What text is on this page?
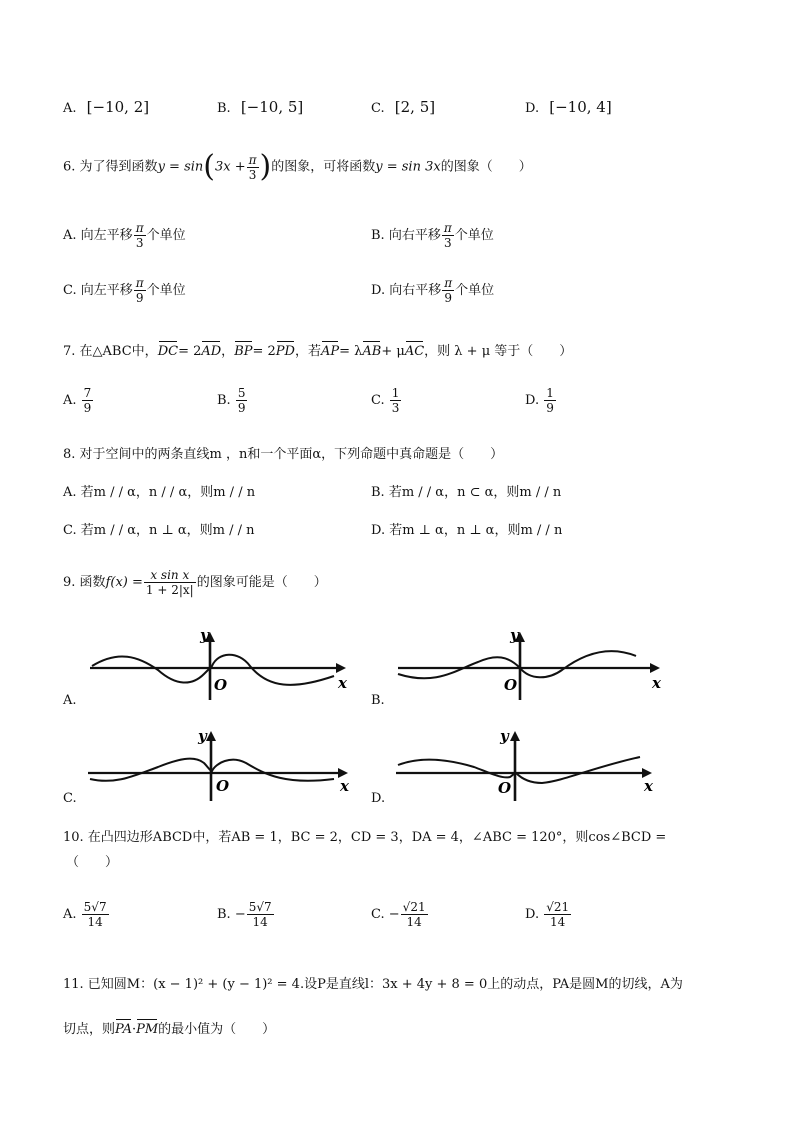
A. [−10, 2]	B. [−10, 5]	C. [2, 5]	D. [−10, 4]
6. 为了得到函数$y = \sin(3x + \frac{\pi}{3}$ )的图象，可将函数y = sin 3x的图象（　　）
A. 向左平移 $\frac{\pi}{3}$ 个单位	B. 向右平移 $\frac{\pi}{3}$ 个单位
C. 向左平移 $\frac{\pi}{9}$ 个单位	D. 向右平移 $\frac{\pi}{9}$ 个单位
7. 在△ABC中，DC= 2AD，BP= 2PD，若AP= λAB+ μAC，则 λ + μ 等于（　　）
A. $\frac{7}{9}$	B. $\frac{5}{9}$	C. $\frac{1}{3}$	D. $\frac{1}{9}$
8. 对于空间中的两条直线m ，n和一个平面α，下列命题中真命题是（　　）
A. 若m / / α，n / / α，则m / / n	B. 若m / / α，n ⊂ α，则m / / n
C. 若m / / α，n ⊥ α，则m / / n	D. 若m ⊥ α，n ⊥ α，则m / / n
9. 函数$f(x) = \frac{\text{x sin x}}{1 + 2|x|}$ 的图象可能是（　　）
A.
y
x
O
B.
y
x
O
C.
y
x
O
D.
y
x
O
10. 在凸四边形ABCD中，若AB = 1，BC = 2，CD = 3，DA = 4，∠ABC = 120°，则cos∠BCD =
（　　）
A. $\frac{5√7}{14}$	B. − $\frac{5√7}{14}$	C. − $\frac{√21}{14}$	D. $\frac{√21}{14}$
11. 已知圆M：(x − 1)² + (y − 1)² = 4.设P是直线l：3x + 4y + 8 = 0上的动点，PA是圆M的切线，A为
切点，则PA·PM的最小值为（　　）
